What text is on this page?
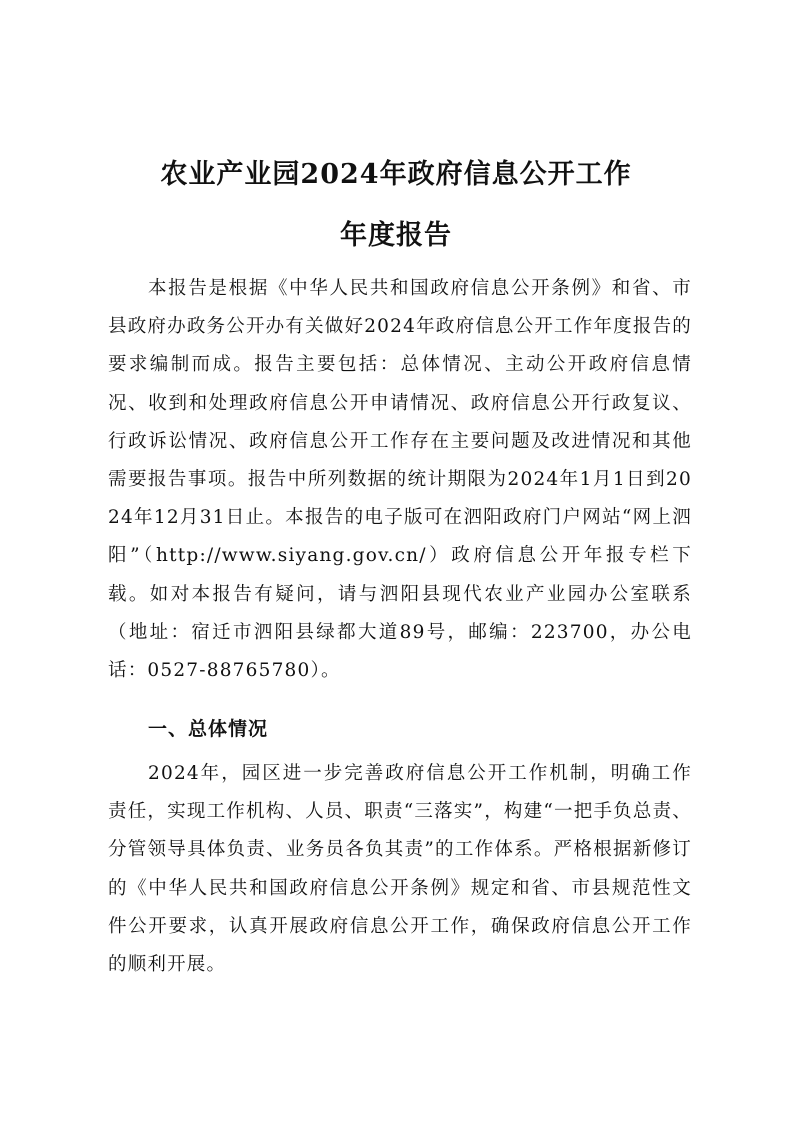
农业产业园2024年政府信息公开工作
年度报告

本报告是根据《中华人民共和国政府信息公开条例》和省、市县政府办政务公开办有关做好2024年政府信息公开工作年度报告的要求编制而成。报告主要包括：总体情况、主动公开政府信息情况、收到和处理政府信息公开申请情况、政府信息公开行政复议、行政诉讼情况、政府信息公开工作存在主要问题及改进情况和其他需要报告事项。报告中所列数据的统计期限为2024年1月1日到2024年12月31日止。本报告的电子版可在泗阳政府门户网站“网上泗阳”（http://www.siyang.gov.cn/）政府信息公开年报专栏下载。如对本报告有疑问，请与泗阳县现代农业产业园办公室联系（地址：宿迁市泗阳县绿都大道89号，邮编：223700，办公电话：0527-88765780）。

一、总体情况

2024年，园区进一步完善政府信息公开工作机制，明确工作责任，实现工作机构、人员、职责“三落实”，构建“一把手负总责、分管领导具体负责、业务员各负其责”的工作体系。严格根据新修订的《中华人民共和国政府信息公开条例》规定和省、市县规范性文件公开要求，认真开展政府信息公开工作，确保政府信息公开工作的顺利开展。
